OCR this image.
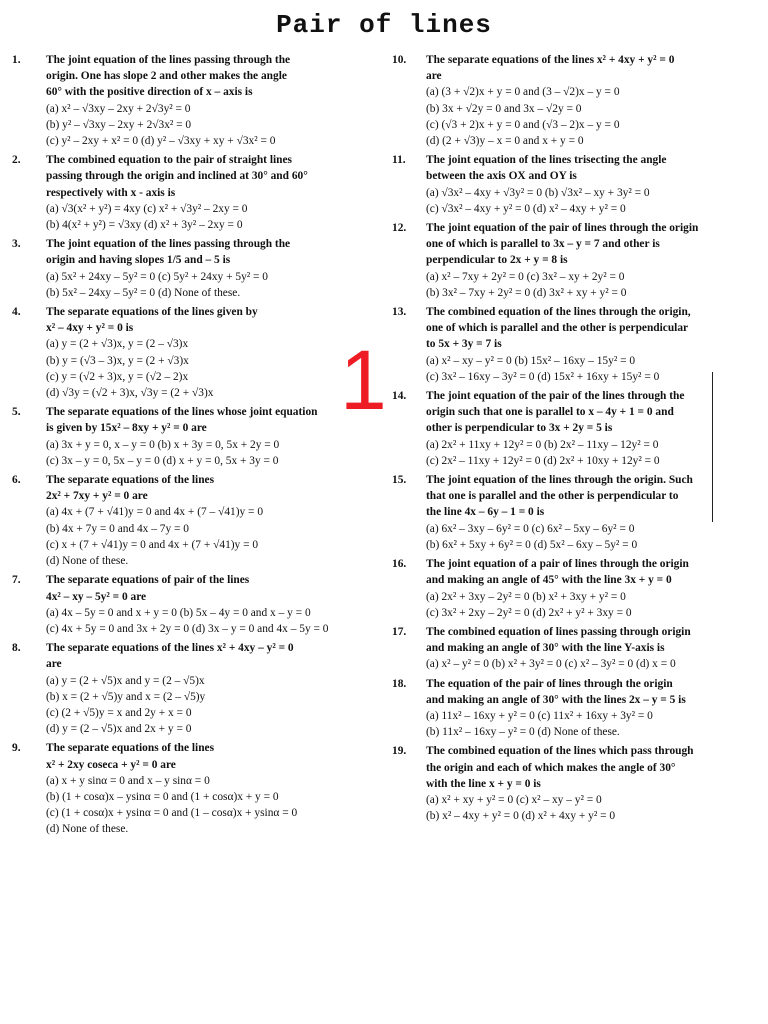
Pair of lines
1
1.	The joint equation of the lines passing through the
origin. One has slope 2 and other makes the angle
60° with the positive direction of x – axis is
(a) x² – √3xy – 2xy + 2√3y² = 0
(b) y² – √3xy – 2xy + 2√3x² = 0
(c) y² – 2xy + x² = 0 (d) y² – √3xy + xy + √3x² = 0
2.	The combined equation to the pair of straight lines
passing through the origin and inclined at 30° and 60°
respectively with x - axis is
(a) √3(x² + y²) = 4xy (c) x² + √3y² – 2xy = 0
(b) 4(x² + y²) = √3xy (d) x² + 3y² – 2xy = 0
3.	The joint equation of the lines passing through the
origin and having slopes 1/5 and – 5 is
(a) 5x² + 24xy – 5y² = 0 (c) 5y² + 24xy + 5y² = 0
(b) 5x² – 24xy – 5y² = 0 (d) None of these.
4.	The separate equations of the lines given by
x² – 4xy + y² = 0 is
(a) y = (2 + √3)x, y = (2 – √3)x
(b) y = (√3 – 3)x, y = (2 + √3)x
(c) y = (√2 + 3)x, y = (√2 – 2)x
(d) √3y = (√2 + 3)x, √3y = (2 + √3)x
5.	The separate equations of the lines whose joint equation
is given by 15x² – 8xy + y² = 0 are
(a) 3x + y = 0, x – y = 0 (b) x + 3y = 0, 5x + 2y = 0
(c) 3x – y = 0, 5x – y = 0 (d) x + y = 0, 5x + 3y = 0
6.	The separate equations of the lines
2x² + 7xy + y² = 0 are
(a) 4x + (7 + √41)y = 0 and 4x + (7 – √41)y = 0
(b) 4x + 7y = 0 and 4x – 7y = 0
(c) x + (7 + √41)y = 0 and 4x + (7 + √41)y = 0
(d) None of these.
7.	The separate equations of pair of the lines
4x² – xy – 5y² = 0 are
(a) 4x – 5y = 0 and x + y = 0 (b) 5x – 4y = 0 and x – y = 0
(c) 4x + 5y = 0 and 3x + 2y = 0 (d) 3x – y = 0 and 4x – 5y = 0
8.	The separate equations of the lines x² + 4xy – y² = 0
are
(a) y = (2 + √5)x and y = (2 – √5)x
(b) x = (2 + √5)y and x = (2 – √5)y
(c) (2 + √5)y = x and 2y + x = 0
(d) y = (2 – √5)x and 2x + y = 0
9.	The separate equations of the lines
x² + 2xy coseca + y² = 0 are
(a) x + y sinα = 0 and x – y sinα = 0
(b) (1 + cosα)x – ysinα = 0 and (1 + cosα)x + y = 0
(c) (1 + cosα)x + ysinα = 0 and (1 – cosα)x + ysinα = 0
(d) None of these.
10.	The separate equations of the lines x² + 4xy + y² = 0
are
(a) (3 + √2)x + y = 0 and (3 – √2)x – y = 0
(b) 3x + √2y = 0 and 3x – √2y = 0
(c) (√3 + 2)x + y = 0 and (√3 – 2)x – y = 0
(d) (2 + √3)y – x = 0 and x + y = 0
11.	The joint equation of the lines trisecting the angle
between the axis OX and OY is
(a) √3x² – 4xy + √3y² = 0 (b) √3x² – xy + 3y² = 0
(c) √3x² – 4xy + y² = 0 (d) x² – 4xy + y² = 0
12.	The joint equation of the pair of lines through the origin
one of which is parallel to 3x – y = 7 and other is
perpendicular to 2x + y = 8 is
(a) x² – 7xy + 2y² = 0 (c) 3x² – xy + 2y² = 0
(b) 3x² – 7xy + 2y² = 0 (d) 3x² + xy + y² = 0
13.	The combined equation of the lines through the origin,
one of which is parallel and the other is perpendicular
to 5x + 3y = 7 is
(a) x² – xy – y² = 0 (b) 15x² – 16xy – 15y² = 0
(c) 3x² – 16xy – 3y² = 0 (d) 15x² + 16xy + 15y² = 0
14.	The joint equation of the pair of the lines through the
origin such that one is parallel to x – 4y + 1 = 0 and
other is perpendicular to 3x + 2y = 5 is
(a) 2x² + 11xy + 12y² = 0 (b) 2x² – 11xy – 12y² = 0
(c) 2x² – 11xy + 12y² = 0 (d) 2x² + 10xy + 12y² = 0
15.	The joint equation of the lines through the origin. Such
that one is parallel and the other is perpendicular to
the line 4x – 6y – 1 = 0 is
(a) 6x² – 3xy – 6y² = 0 (c) 6x² – 5xy – 6y² = 0
(b) 6x² + 5xy + 6y² = 0 (d) 5x² – 6xy – 5y² = 0
16.	The joint equation of a pair of lines through the origin
and making an angle of 45° with the line 3x + y = 0
(a) 2x² + 3xy – 2y² = 0 (b) x² + 3xy + y² = 0
(c) 3x² + 2xy – 2y² = 0 (d) 2x² + y² + 3xy = 0
17.	The combined equation of lines passing through origin
and making an angle of 30° with the line Y-axis is
(a) x² – y² = 0 (b) x² + 3y² = 0 (c) x² – 3y² = 0 (d) x = 0
18.	The equation of the pair of lines through the origin
and making an angle of 30° with the lines 2x – y = 5 is
(a) 11x² – 16xy + y² = 0 (c) 11x² + 16xy + 3y² = 0
(b) 11x² – 16xy – y² = 0 (d) None of these.
19.	The combined equation of the lines which pass through
the origin and each of which makes the angle of 30°
with the line x + y = 0 is
(a) x² + xy + y² = 0 (c) x² – xy – y² = 0
(b) x² – 4xy + y² = 0 (d) x² + 4xy + y² = 0
